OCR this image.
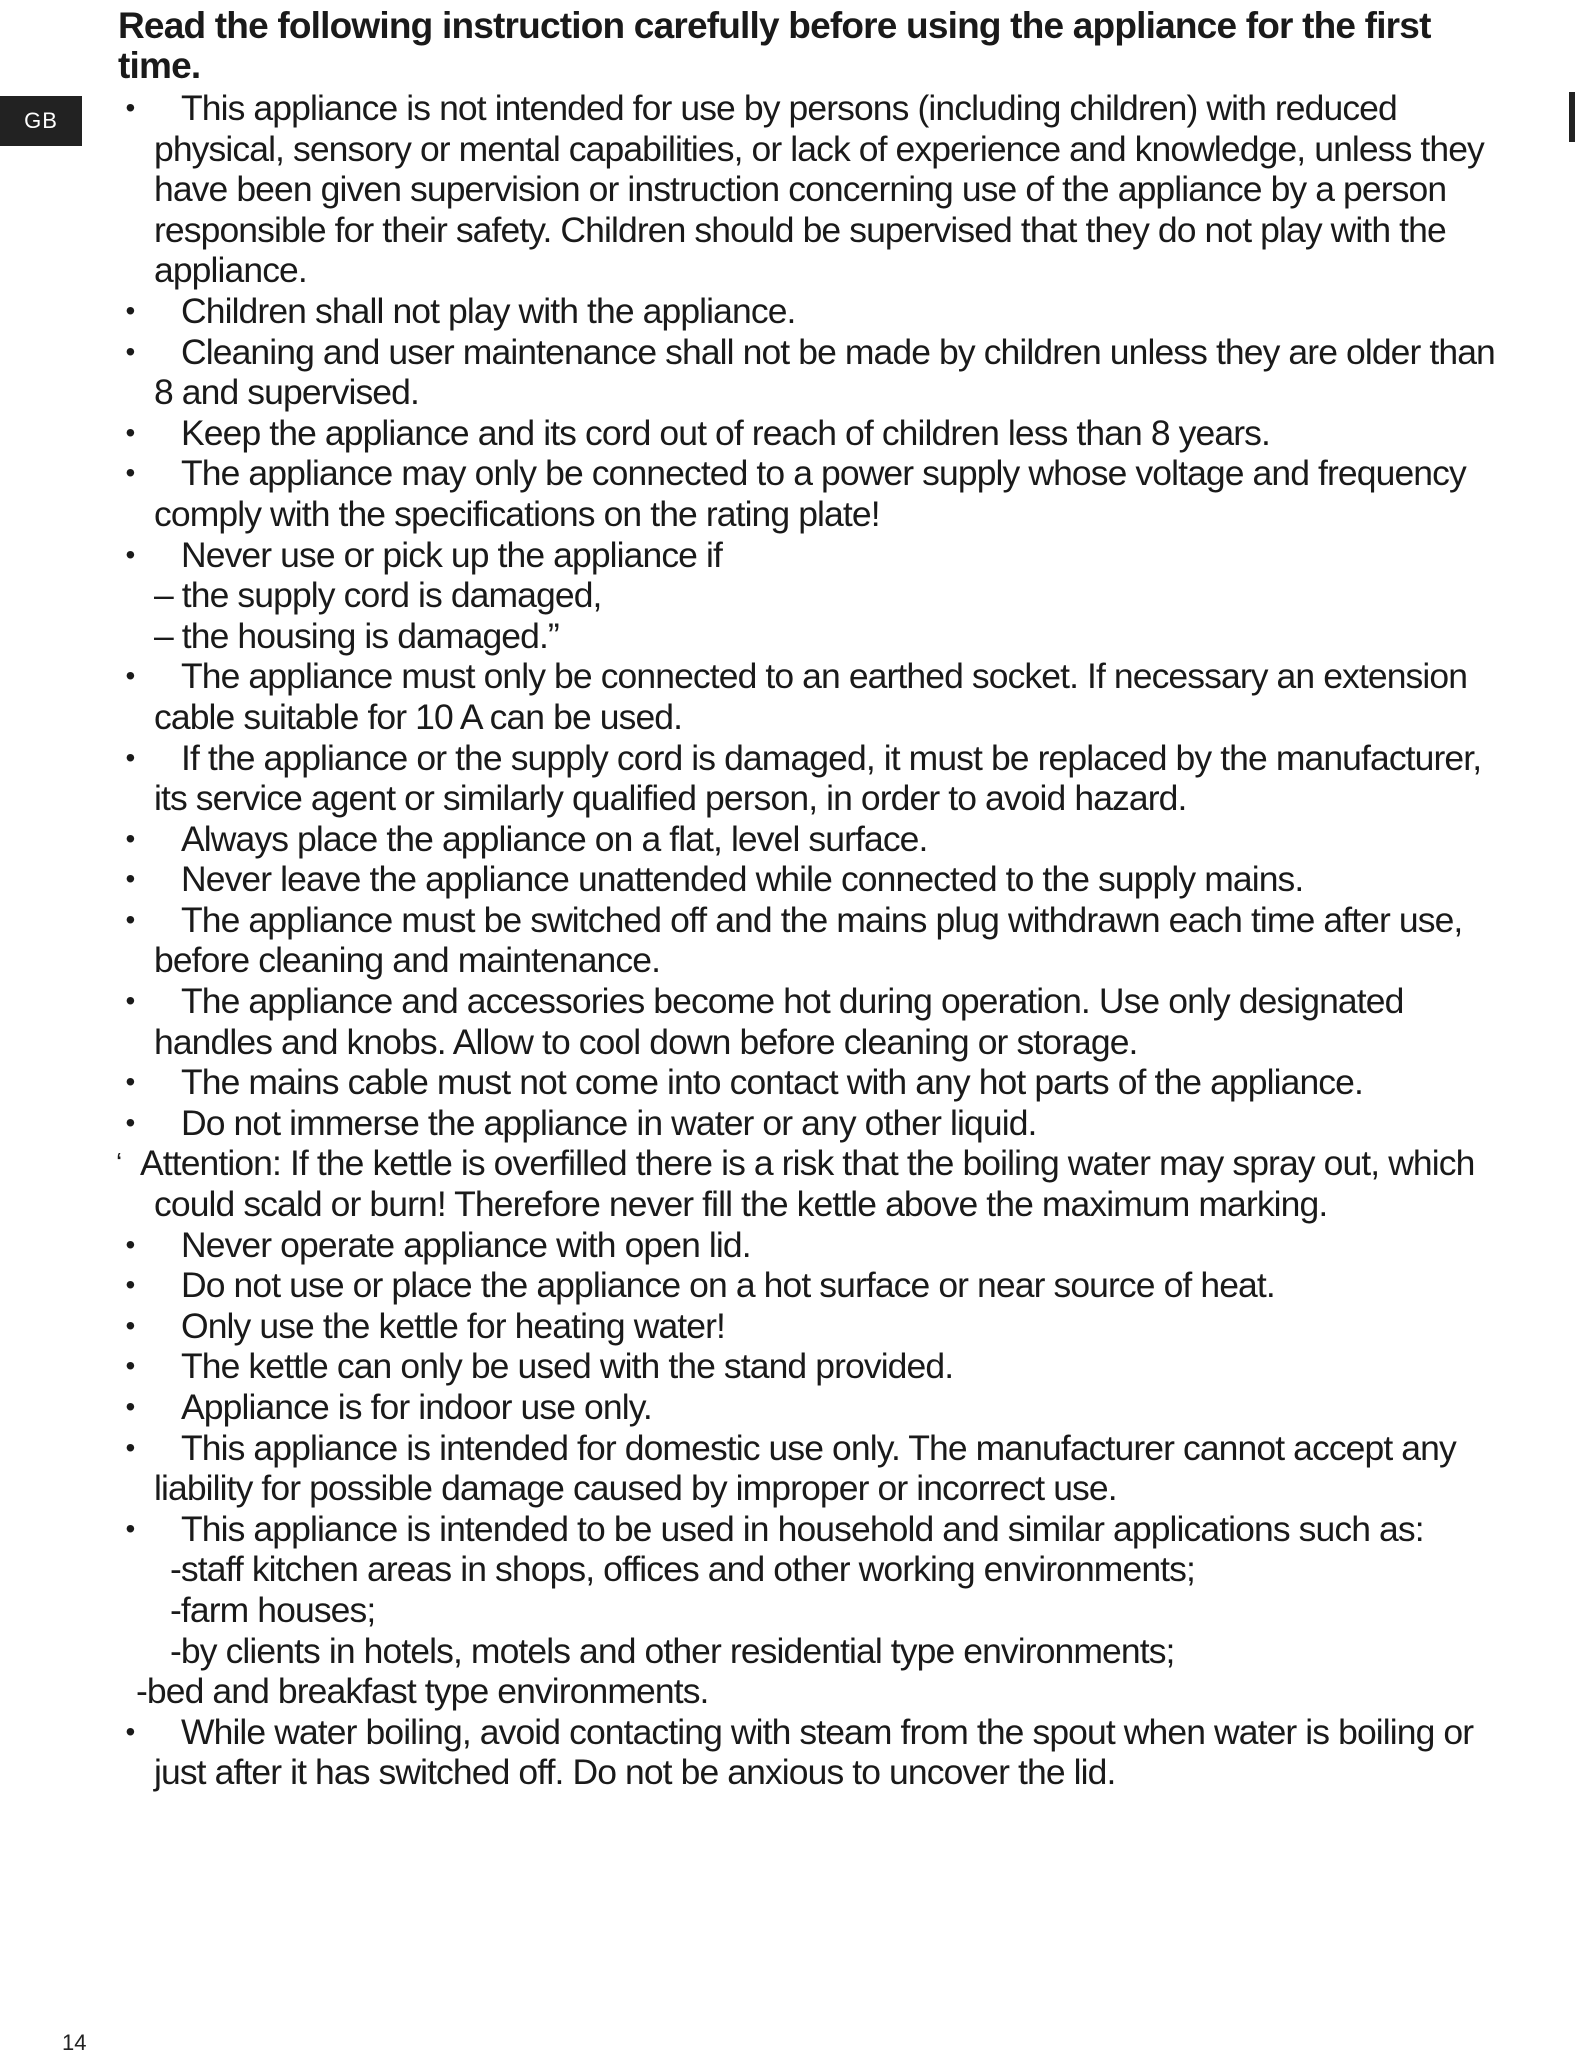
GB
Read the following instruction carefully before using the appliance for the first time.
•	This appliance is not intended for use by persons (including children) with reduced physical, sensory or mental capabilities, or lack of experience and knowledge, unless they have been given supervision or instruction concerning use of the appliance by a person responsible for their safety. Children should be supervised that they do not play with the appliance.
•	Children shall not play with the appliance.
•	Cleaning and user maintenance shall not be made by children unless they are older than 8 and supervised.
•	Keep the appliance and its cord out of reach of children less than 8 years.
•	The appliance may only be connected to a power supply whose voltage and frequency comply with the specifications on the rating plate!
•	Never use or pick up the appliance if
– the supply cord is damaged,
– the housing is damaged.”
•	The appliance must only be connected to an earthed socket. If necessary an extension cable suitable for 10 A can be used.
•	If the appliance or the supply cord is damaged, it must be replaced by the manufacturer, its service agent or similarly qualified person, in order to avoid hazard.
•	Always place the appliance on a flat, level surface.
•	Never leave the appliance unattended while connected to the supply mains.
•	The appliance must be switched off and the mains plug withdrawn each time after use, before cleaning and maintenance.
•	The appliance and accessories become hot during operation. Use only designated handles and knobs. Allow to cool down before cleaning or storage.
•	The mains cable must not come into contact with any hot parts of the appliance.
•	Do not immerse the appliance in water or any other liquid.
‘ Attention: If the kettle is overfilled there is a risk that the boiling water may spray out, which could scald or burn! Therefore never fill the kettle above the maximum marking.
•	Never operate appliance with open lid.
•	Do not use or place the appliance on a hot surface or near source of heat.
•	Only use the kettle for heating water!
•	The kettle can only be used with the stand provided.
•	Appliance is for indoor use only.
•	This appliance is intended for domestic use only. The manufacturer cannot accept any liability for possible damage caused by improper or incorrect use.
•	This appliance is intended to be used in household and similar applications such as:
-staff kitchen areas in shops, offices and other working environments;
-farm houses;
-by clients in hotels, motels and other residential type environments;
-bed and breakfast type environments.
•	While water boiling, avoid contacting with steam from the spout when water is boiling or just after it has switched off. Do not be anxious to uncover the lid.
14
